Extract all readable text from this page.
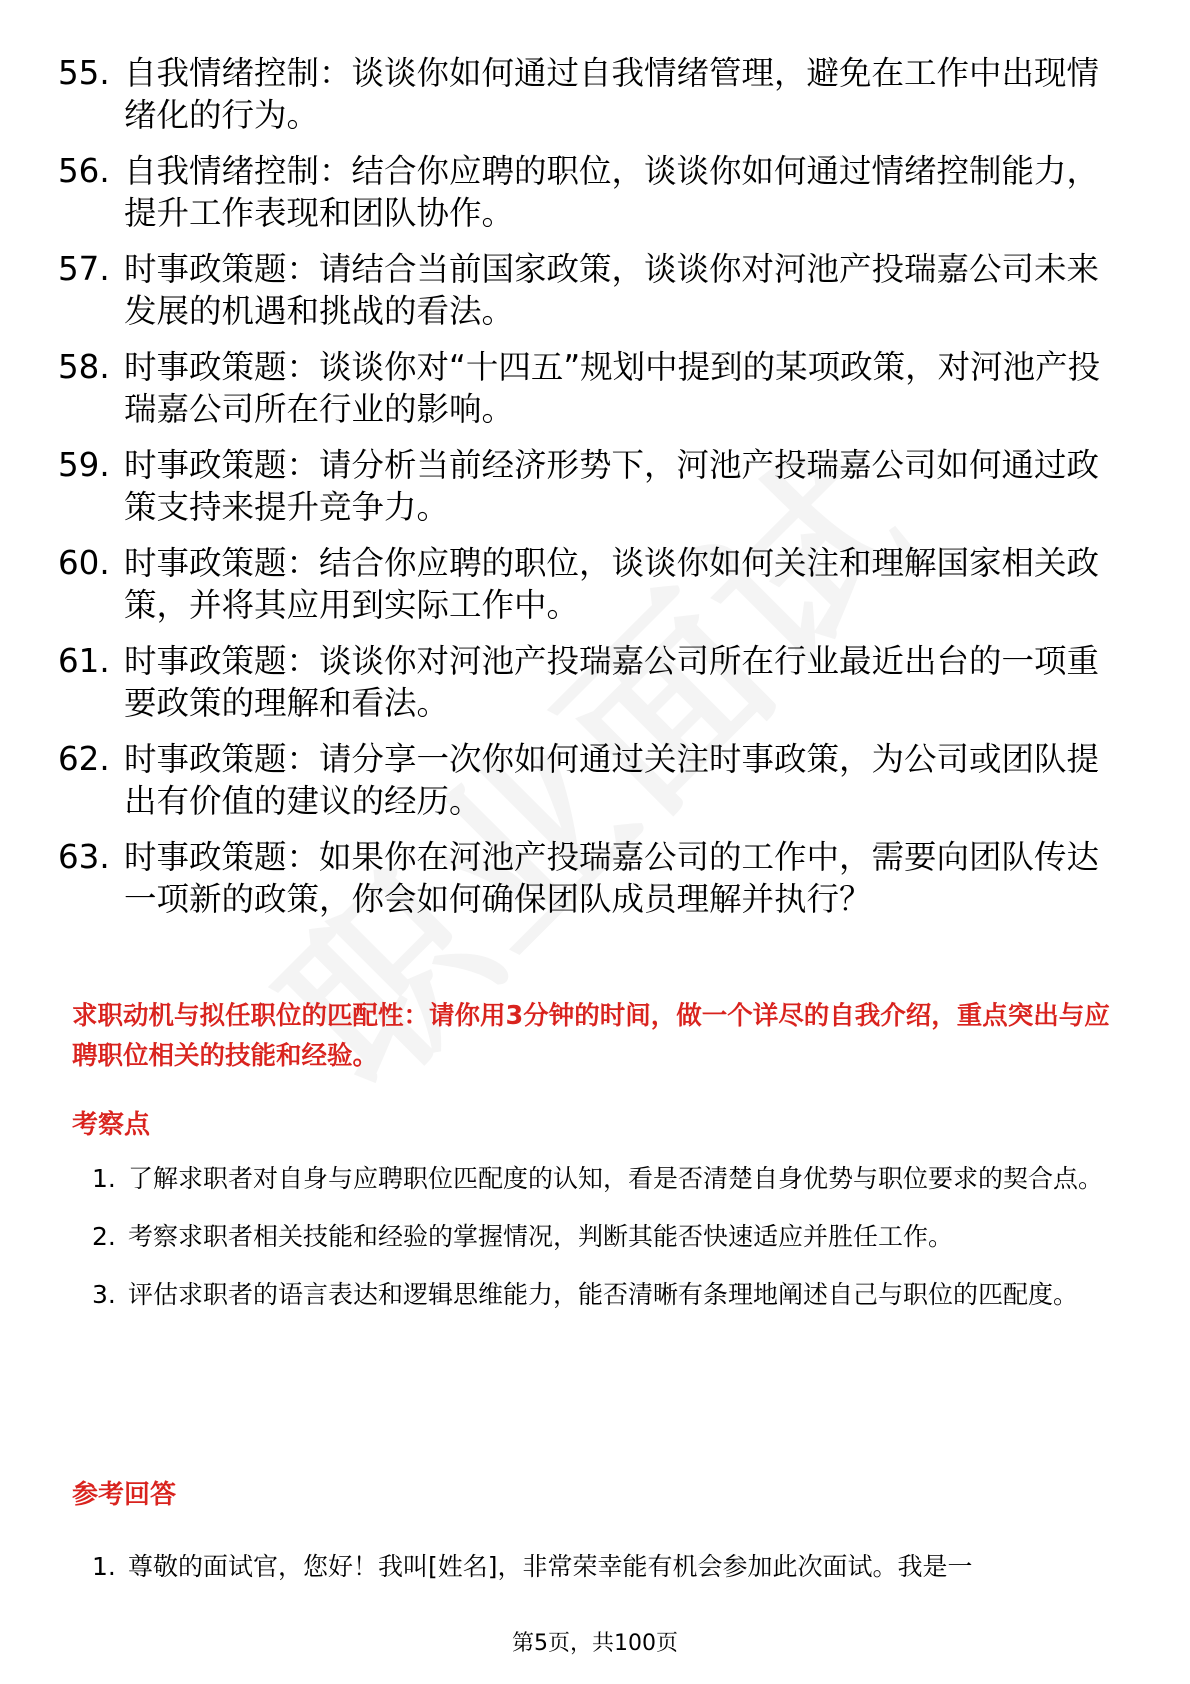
55. 自我情绪控制：谈谈你如何通过自我情绪管理，避免在工作中出现情绪化的行为。
56. 自我情绪控制：结合你应聘的职位，谈谈你如何通过情绪控制能力，提升工作表现和团队协作。
57. 时事政策题：请结合当前国家政策，谈谈你对河池产投瑞嘉公司未来发展的机遇和挑战的看法。
58. 时事政策题：谈谈你对“十四五”规划中提到的某项政策，对河池产投瑞嘉公司所在行业的影响。
59. 时事政策题：请分析当前经济形势下，河池产投瑞嘉公司如何通过政策支持来提升竞争力。
60. 时事政策题：结合你应聘的职位，谈谈你如何关注和理解国家相关政策，并将其应用到实际工作中。
61. 时事政策题：谈谈你对河池产投瑞嘉公司所在行业最近出台的一项重要政策的理解和看法。
62. 时事政策题：请分享一次你如何通过关注时事政策，为公司或团队提出有价值的建议的经历。
63. 时事政策题：如果你在河池产投瑞嘉公司的工作中，需要向团队传达一项新的政策，你会如何确保团队成员理解并执行？
求职动机与拟任职位的匹配性：请你用3分钟的时间，做一个详尽的自我介绍，重点突出与应聘职位相关的技能和经验。
考察点
1. 了解求职者对自身与应聘职位匹配度的认知，看是否清楚自身优势与职位要求的契合点。
2. 考察求职者相关技能和经验的掌握情况，判断其能否快速适应并胜任工作。
3. 评估求职者的语言表达和逻辑思维能力，能否清晰有条理地阐述自己与职位的匹配度。
参考回答
1. 尊敬的面试官，您好！我叫[姓名]，非常荣幸能有机会参加此次面试。我是一
第5页，共100页
